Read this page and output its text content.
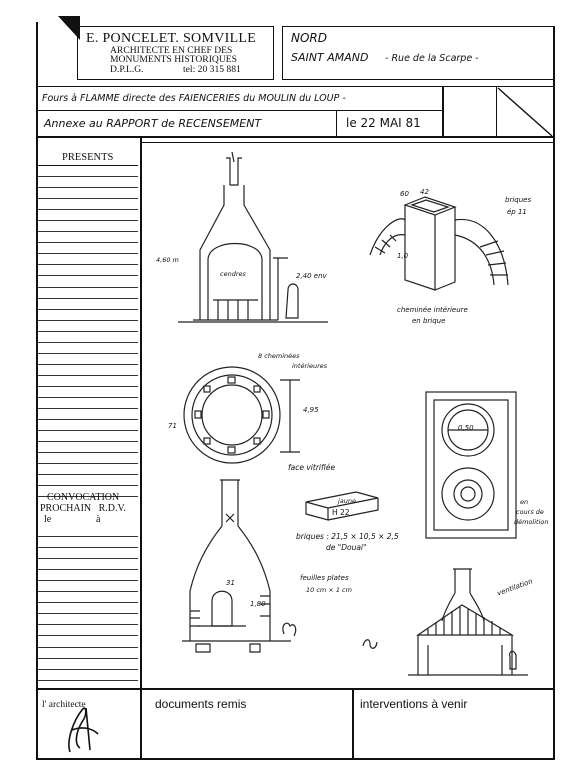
E. PONCELET. SOMVILLE
ARCHITECTE EN CHEF DES
MONUMENTS HISTORIQUES
D.P.L.G.	tel: 20 315 881
NORD
SAINT AMAND - Rue de la Scarpe -
Fours à FLAMME directe des FAIENCERIES du MOULIN du LOUP -
Annexe au RAPPORT de RECENSEMENT	le 22 MAI 81
PRESENTS
CONVOCATION
PROCHAIN   R.D.V.
le	à
l' architecte	documents remis	interventions à venir
4,60 m
2,40 env
cendres
60 42
1,0
briques
ép 11
cheminée intérieure
en brique
8 cheminées
intérieures
4,95
71	0,50
en
cours de
démolition
face vitrifiée
jaune
H 22
briques : 21,5 × 10,5 × 2,5
de "Douai"
31
1,80
feuilles plates
10 cm × 1 cm	ventilation
